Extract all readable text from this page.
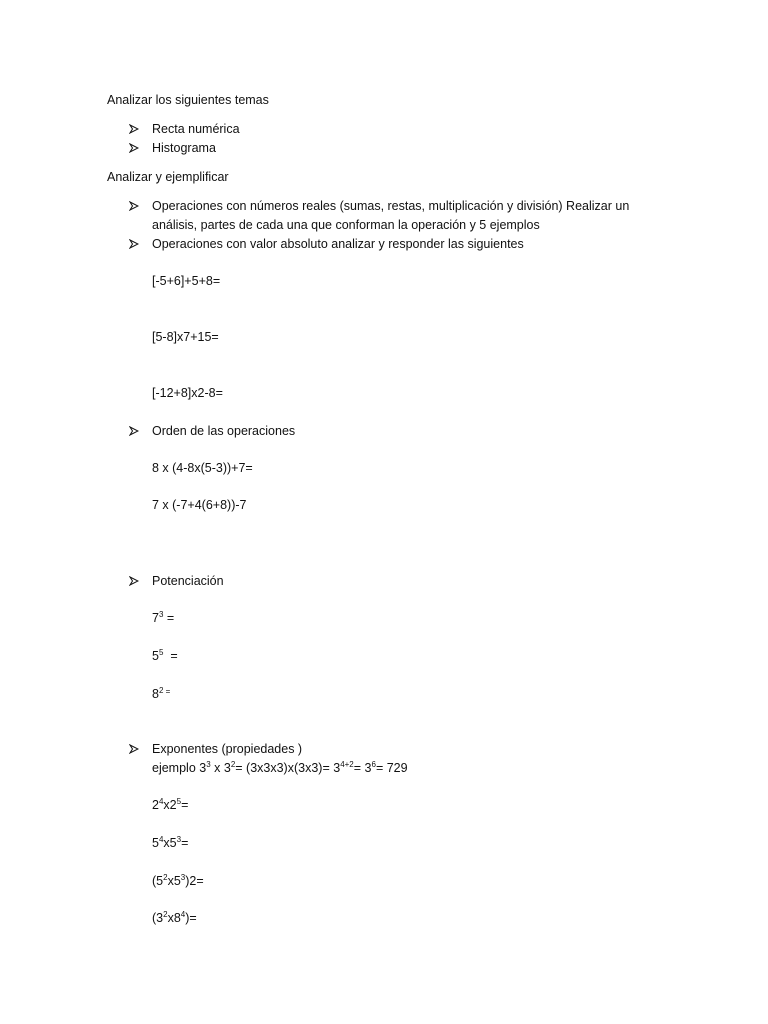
Analizar los siguientes temas
Recta numérica
Histograma
Analizar y ejemplificar
Operaciones con números reales (sumas, restas, multiplicación y división) Realizar un
análisis, partes de cada una que conforman la operación y 5 ejemplos
Operaciones con valor absoluto analizar y responder las siguientes
[-5+6]+5+8=
[5-8]x7+15=
[-12+8]x2-8=
Orden de las operaciones
8 x (4-8x(5-3))+7=
7 x (-7+4(6+8))-7
Potenciación
$7^3$ =
$5^5$  =
$8^2$ =
Exponentes (propiedades )
ejemplo $3^3$ x $3^2= (3x3x3)x(3x3)= 3^{4+2}= 3^6= 729$
$2^4x2^5=$
$5^4x5^3=$
$(5^2x5^3)2=$
$(3^2x8^4)=$
